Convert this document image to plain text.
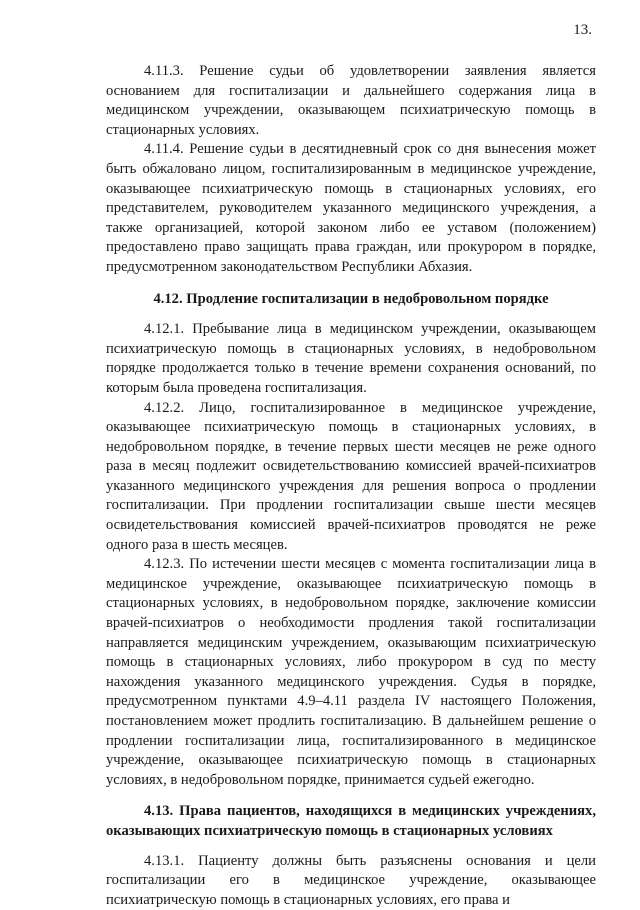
13.

4.11.3. Решение судьи об удовлетворении заявления является основанием для госпитализации и дальнейшего содержания лица в медицинском учреждении, оказывающем психиатрическую помощь в стационарных условиях.

4.11.4. Решение судьи в десятидневный срок со дня вынесения может быть обжаловано лицом, госпитализированным в медицинское учреждение, оказывающее психиатрическую помощь в стационарных условиях, его представителем, руководителем указанного медицинского учреждения, а также организацией, которой законом либо ее уставом (положением) предоставлено право защищать права граждан, или прокурором в порядке, предусмотренном законодательством Республики Абхазия.

4.12. Продление госпитализации в недобровольном порядке

4.12.1. Пребывание лица в медицинском учреждении, оказывающем психиатрическую помощь в стационарных условиях, в недобровольном порядке продолжается только в течение времени сохранения оснований, по которым была проведена госпитализация.

4.12.2. Лицо, госпитализированное в медицинское учреждение, оказывающее психиатрическую помощь в стационарных условиях, в недобровольном порядке, в течение первых шести месяцев не реже одного раза в месяц подлежит освидетельствованию комиссией врачей-психиатров указанного медицинского учреждения для решения вопроса о продлении госпитализации. При продлении госпитализации свыше шести месяцев освидетельствования комиссией врачей-психиатров проводятся не реже одного раза в шесть месяцев.

4.12.3. По истечении шести месяцев с момента госпитализации лица в медицинское учреждение, оказывающее психиатрическую помощь в стационарных условиях, в недобровольном порядке, заключение комиссии врачей-психиатров о необходимости продления такой госпитализации направляется медицинским учреждением, оказывающим психиатрическую помощь в стационарных условиях, либо прокурором в суд по месту нахождения указанного медицинского учреждения. Судья в порядке, предусмотренном пунктами 4.9–4.11 раздела IV настоящего Положения, постановлением может продлить госпитализацию. В дальнейшем решение о продлении госпитализации лица, госпитализированного в медицинское учреждение, оказывающее психиатрическую помощь в стационарных условиях, в недобровольном порядке, принимается судьей ежегодно.

4.13. Права пациентов, находящихся в медицинских учреждениях, оказывающих психиатрическую помощь в стационарных условиях

4.13.1. Пациенту должны быть разъяснены основания и цели госпитализации его в медицинское учреждение, оказывающее психиатрическую помощь в стационарных условиях, его права и
